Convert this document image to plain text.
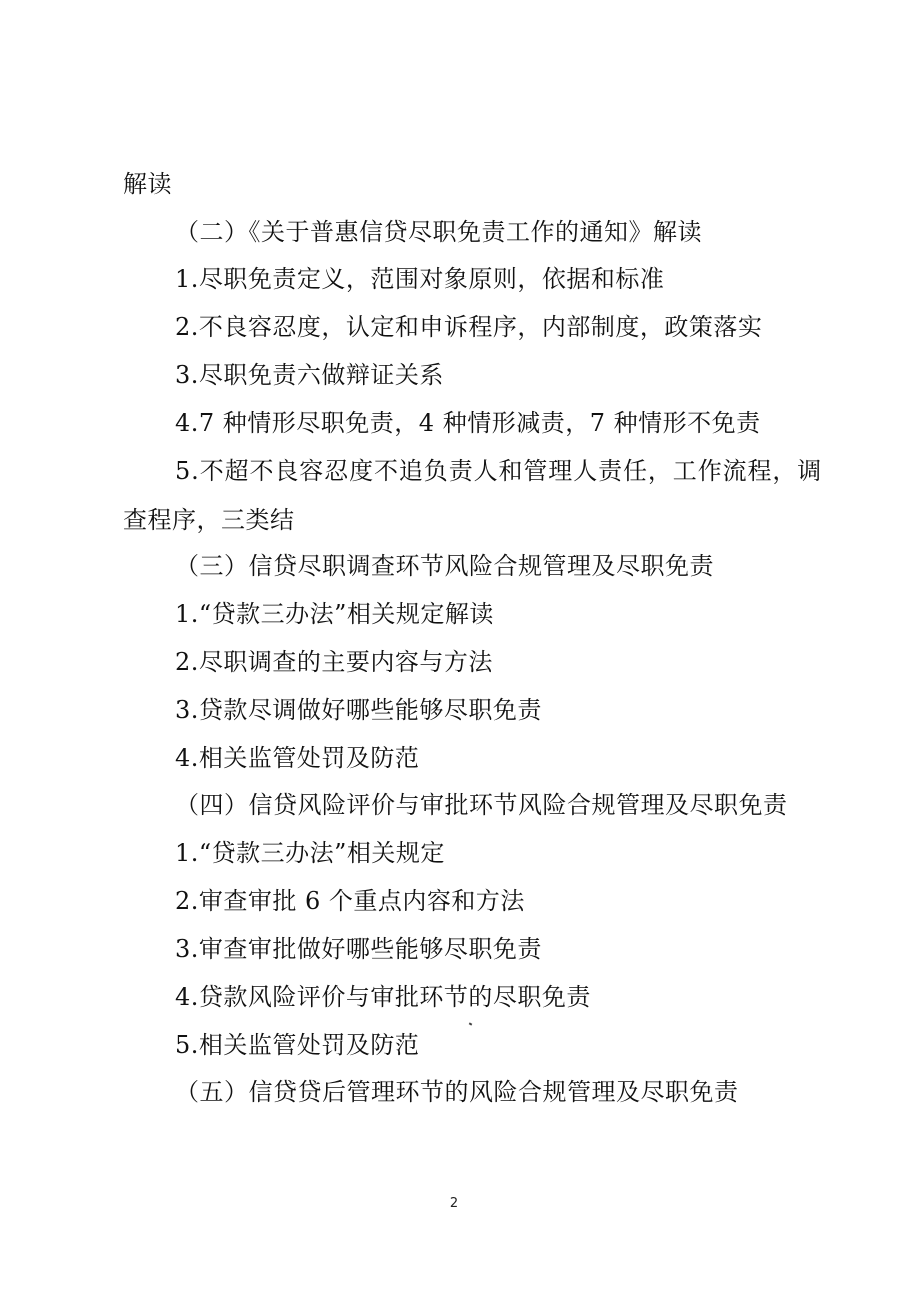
解读
（二）《关于普惠信贷尽职免责工作的通知》解读
1.尽职免责定义，范围对象原则，依据和标准
2.不良容忍度，认定和申诉程序，内部制度，政策落实
3.尽职免责六做辩证关系
4.7 种情形尽职免责，4 种情形减责，7 种情形不免责
5.不超不良容忍度不追负责人和管理人责任，工作流程，调
查程序，三类结
（三）信贷尽职调查环节风险合规管理及尽职免责
1.“贷款三办法”相关规定解读
2.尽职调查的主要内容与方法
3.贷款尽调做好哪些能够尽职免责
4.相关监管处罚及防范
（四）信贷风险评价与审批环节风险合规管理及尽职免责
1.“贷款三办法”相关规定
2.审查审批 6 个重点内容和方法
3.审查审批做好哪些能够尽职免责
4.贷款风险评价与审批环节的尽职免责
5.相关监管处罚及防范
（五）信贷贷后管理环节的风险合规管理及尽职免责
2
